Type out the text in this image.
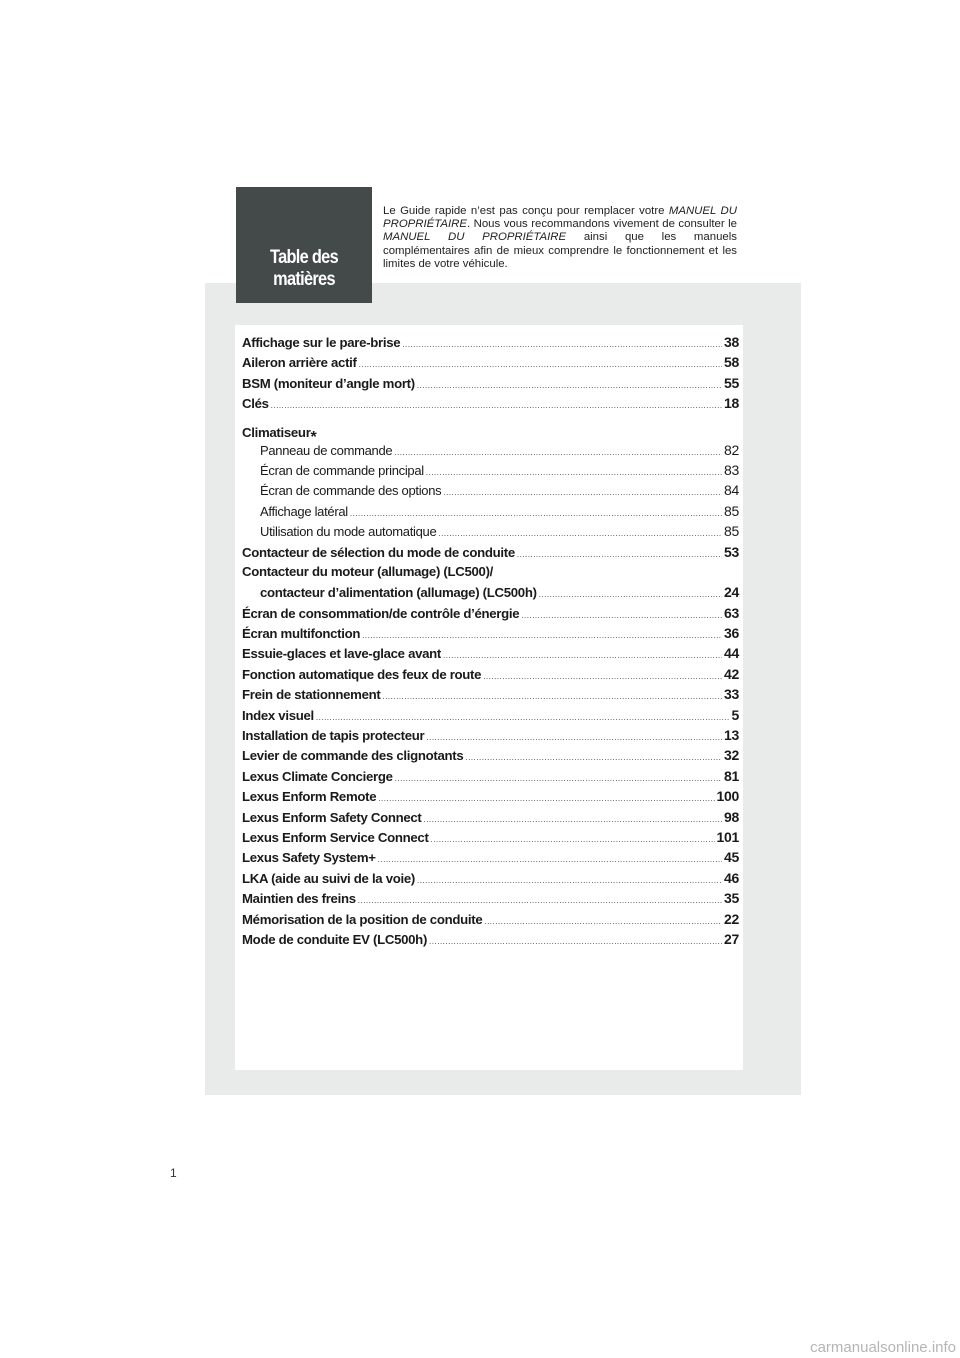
Table des matières
Le Guide rapide n’est pas conçu pour remplacer votre MANUEL DU PROPRIÉTAIRE. Nous vous recommandons vivement de consulter le MANUEL DU PROPRIÉTAIRE ainsi que les manuels complémentaires afin de mieux comprendre le fonctionnement et les limites de votre véhicule.
Affichage sur le pare-brise .....	38
Aileron arrière actif .....	58
BSM (moniteur d’angle mort) .....	55
Clés .....	18
Climatiseur*
Panneau de commande .....	82
Écran de commande principal .....	83
Écran de commande des options .....	84
Affichage latéral .....	85
Utilisation du mode automatique .....	85
Contacteur de sélection du mode de conduite .....	53
Contacteur du moteur (allumage) (LC500)/
contacteur d’alimentation (allumage) (LC500h) .....	24
Écran de consommation/de contrôle d’énergie .....	63
Écran multifonction .....	36
Essuie-glaces et lave-glace avant .....	44
Fonction automatique des feux de route .....	42
Frein de stationnement .....	33
Index visuel .....	5
Installation de tapis protecteur .....	13
Levier de commande des clignotants .....	32
Lexus Climate Concierge .....	81
Lexus Enform Remote .....	100
Lexus Enform Safety Connect .....	98
Lexus Enform Service Connect .....	101
Lexus Safety System+ .....	45
LKA (aide au suivi de la voie) .....	46
Maintien des freins .....	35
Mémorisation de la position de conduite .....	22
Mode de conduite EV (LC500h) .....	27
1
carmanualsonline.info
